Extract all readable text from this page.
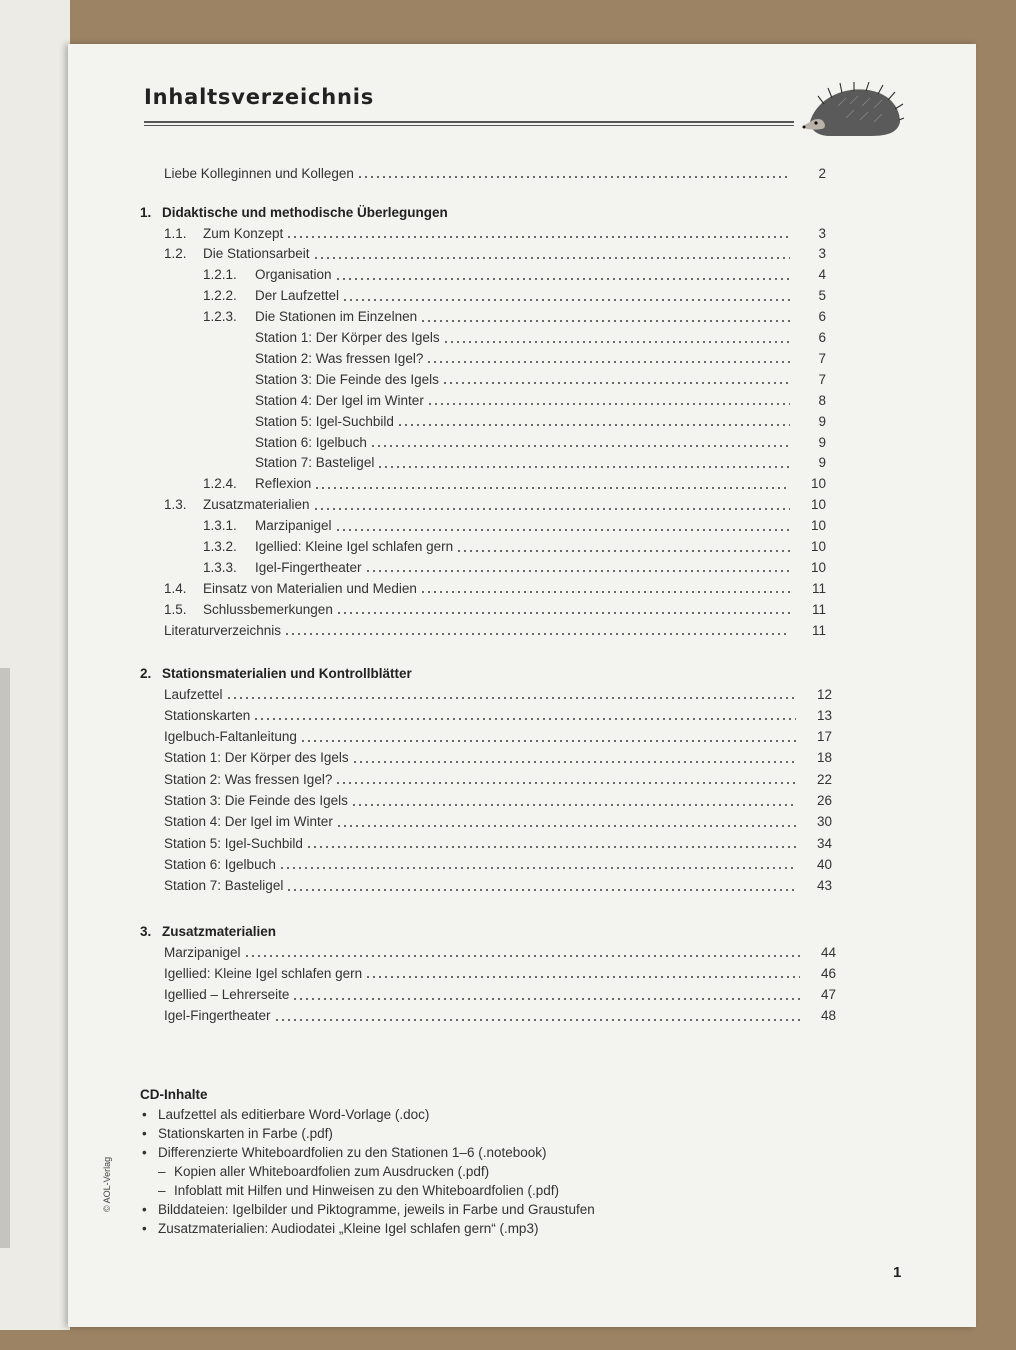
Inhaltsverzeichnis
Liebe Kolleginnen und Kollegen	2
1. Didaktische und methodische Überlegungen
1.1.	Zum Konzept	3
1.2.	Die Stationsarbeit	3
1.2.1.	Organisation	4
1.2.2.	Der Laufzettel	5
1.2.3.	Die Stationen im Einzelnen	6
Station 1: Der Körper des Igels	6
Station 2: Was fressen Igel?	7
Station 3: Die Feinde des Igels	7
Station 4: Der Igel im Winter	8
Station 5: Igel-Suchbild	9
Station 6: Igelbuch	9
Station 7: Basteligel	9
1.2.4.	Reflexion	10
1.3.	Zusatzmaterialien	10
1.3.1.	Marzipanigel	10
1.3.2.	Igellied: Kleine Igel schlafen gern	10
1.3.3.	Igel-Fingertheater	10
1.4.	Einsatz von Materialien und Medien	11
1.5.	Schlussbemerkungen	11
Literaturverzeichnis	11
2. Stationsmaterialien und Kontrollblätter
Laufzettel	12
Stationskarten	13
Igelbuch-Faltanleitung	17
Station 1: Der Körper des Igels	18
Station 2: Was fressen Igel?	22
Station 3: Die Feinde des Igels	26
Station 4: Der Igel im Winter	30
Station 5: Igel-Suchbild	34
Station 6: Igelbuch	40
Station 7: Basteligel	43
3. Zusatzmaterialien
Marzipanigel	44
Igellied: Kleine Igel schlafen gern	46
Igellied – Lehrerseite	47
Igel-Fingertheater	48
CD-Inhalte
• Laufzettel als editierbare Word-Vorlage (.doc)
• Stationskarten in Farbe (.pdf)
• Differenzierte Whiteboardfolien zu den Stationen 1–6 (.notebook)
– Kopien aller Whiteboardfolien zum Ausdrucken (.pdf)
– Infoblatt mit Hilfen und Hinweisen zu den Whiteboardfolien (.pdf)
• Bilddateien: Igelbilder und Piktogramme, jeweils in Farbe und Graustufen
• Zusatzmaterialien: Audiodatei „Kleine Igel schlafen gern“ (.mp3)
© AOL-Verlag
1
